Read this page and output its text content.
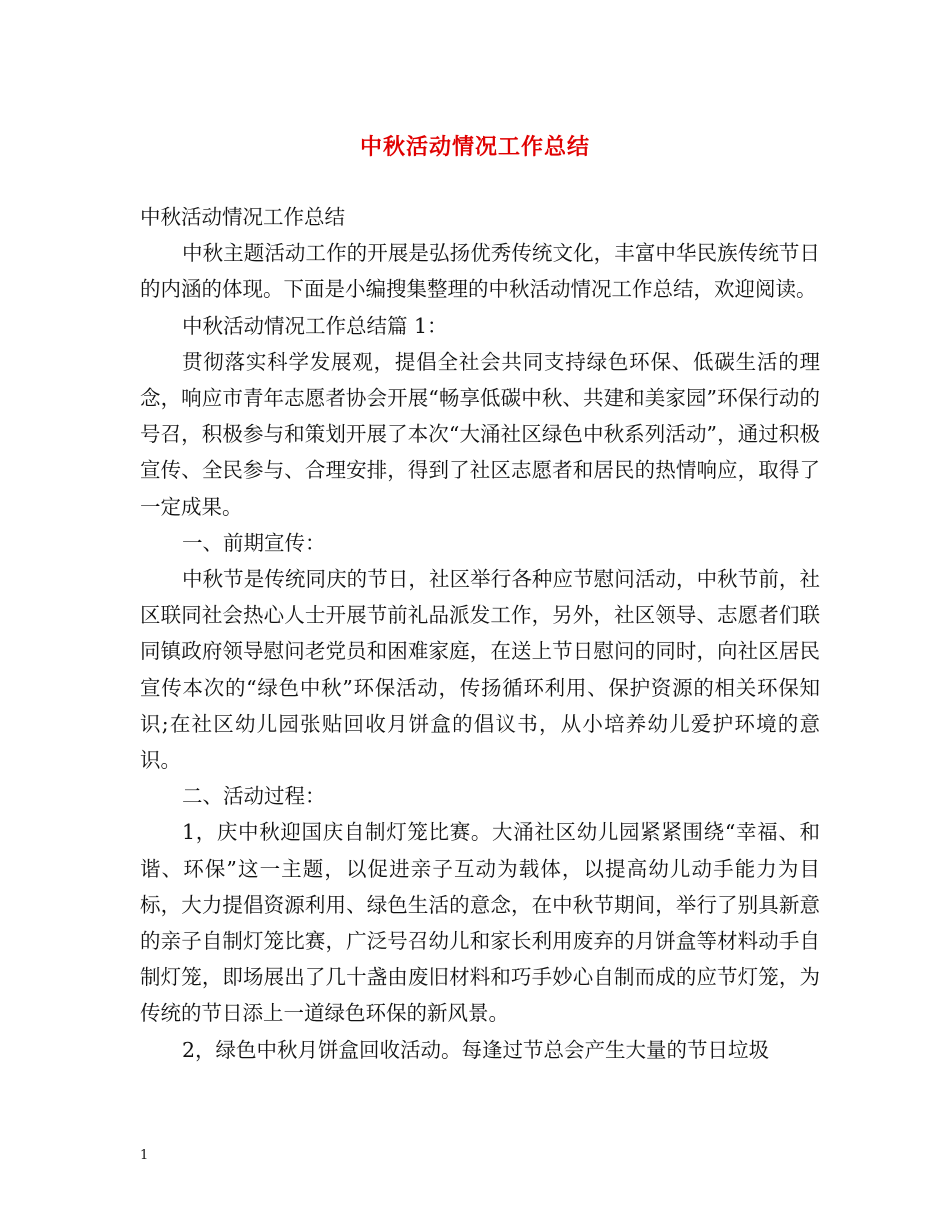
中秋活动情况工作总结

中秋活动情况工作总结

中秋主题活动工作的开展是弘扬优秀传统文化，丰富中华民族传统节日的内涵的体现。下面是小编搜集整理的中秋活动情况工作总结，欢迎阅读。

中秋活动情况工作总结篇 1：

贯彻落实科学发展观，提倡全社会共同支持绿色环保、低碳生活的理念，响应市青年志愿者协会开展“畅享低碳中秋、共建和美家园”环保行动的号召，积极参与和策划开展了本次“大涌社区绿色中秋系列活动”，通过积极宣传、全民参与、合理安排，得到了社区志愿者和居民的热情响应，取得了一定成果。

一、前期宣传：

中秋节是传统同庆的节日，社区举行各种应节慰问活动，中秋节前，社区联同社会热心人士开展节前礼品派发工作，另外，社区领导、志愿者们联同镇政府领导慰问老党员和困难家庭，在送上节日慰问的同时，向社区居民宣传本次的“绿色中秋”环保活动，传扬循环利用、保护资源的相关环保知识;在社区幼儿园张贴回收月饼盒的倡议书，从小培养幼儿爱护环境的意识。

二、活动过程：

1，庆中秋迎国庆自制灯笼比赛。大涌社区幼儿园紧紧围绕“幸福、和谐、环保”这一主题，以促进亲子互动为载体，以提高幼儿动手能力为目标，大力提倡资源利用、绿色生活的意念，在中秋节期间，举行了别具新意的亲子自制灯笼比赛，广泛号召幼儿和家长利用废弃的月饼盒等材料动手自制灯笼，即场展出了几十盏由废旧材料和巧手妙心自制而成的应节灯笼，为传统的节日添上一道绿色环保的新风景。

2，绿色中秋月饼盒回收活动。每逢过节总会产生大量的节日垃圾

1
